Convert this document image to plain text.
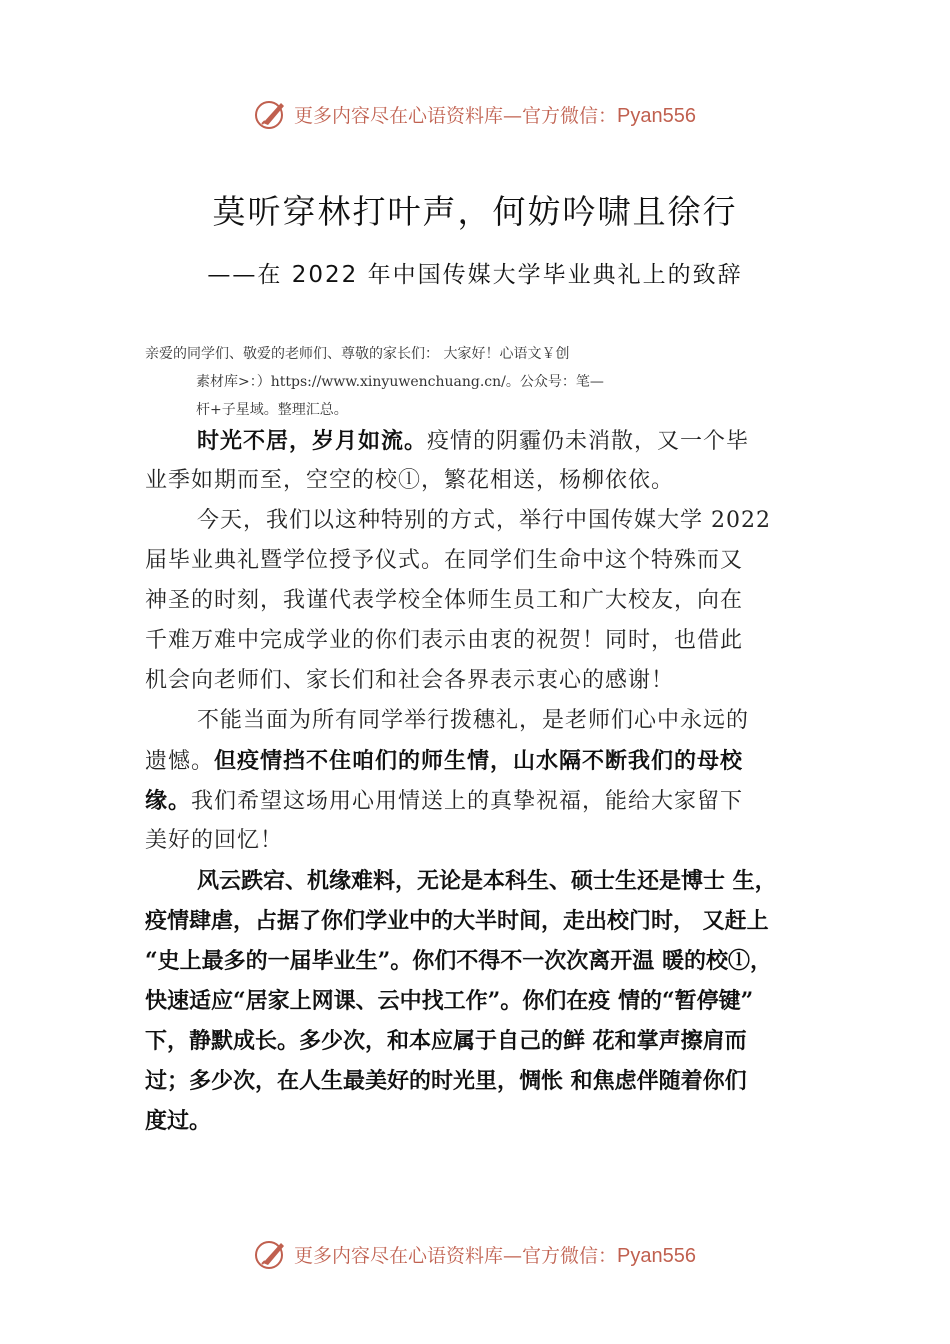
更多内容尽在心语资料库—官方微信：Pyan556
莫听穿林打叶声，何妨吟啸且徐行
——在 2022 年中国传媒大学毕业典礼上的致辞
亲爱的同学们、敬爱的老师们、尊敬的家长们： 大家好！心语文￥创
素材库>：）https://www.xinyuwenchuang.cn/。公众号：笔—
杆+子星域。整理汇总。
时光不居，岁月如流。疫情的阴霾仍未消散，又一个毕
业季如期而至，空空的校ⓛ，繁花相送，杨柳依依。
今天，我们以这种特别的方式，举行中国传媒大学 2022
届毕业典礼暨学位授予仪式。在同学们生命中这个特殊而又
神圣的时刻，我谨代表学校全体师生员工和广大校友，向在
千难万难中完成学业的你们表示由衷的祝贺！同时，也借此
机会向老师们、家长们和社会各界表示衷心的感谢！
不能当面为所有同学举行拨穗礼，是老师们心中永远的
遗憾。但疫情挡不住咱们的师生情，山水隔不断我们的母校
缘。我们希望这场用心用情送上的真挚祝福，能给大家留下
美好的回忆！
风云跌宕、机缘难料，无论是本科生、硕士生还是博士 生，
疫情肆虐，占据了你们学业中的大半时间，走出校门时， 又赶上
“史上最多的一届毕业生”。你们不得不一次次离开温 暖的校ⓛ，
快速适应“居家上网课、云中找工作”。你们在疫 情的“暂停键”
下，静默成长。多少次，和本应属于自己的鲜 花和掌声擦肩而
过；多少次，在人生最美好的时光里，惆怅 和焦虑伴随着你们
度过。
更多内容尽在心语资料库—官方微信：Pyan556
